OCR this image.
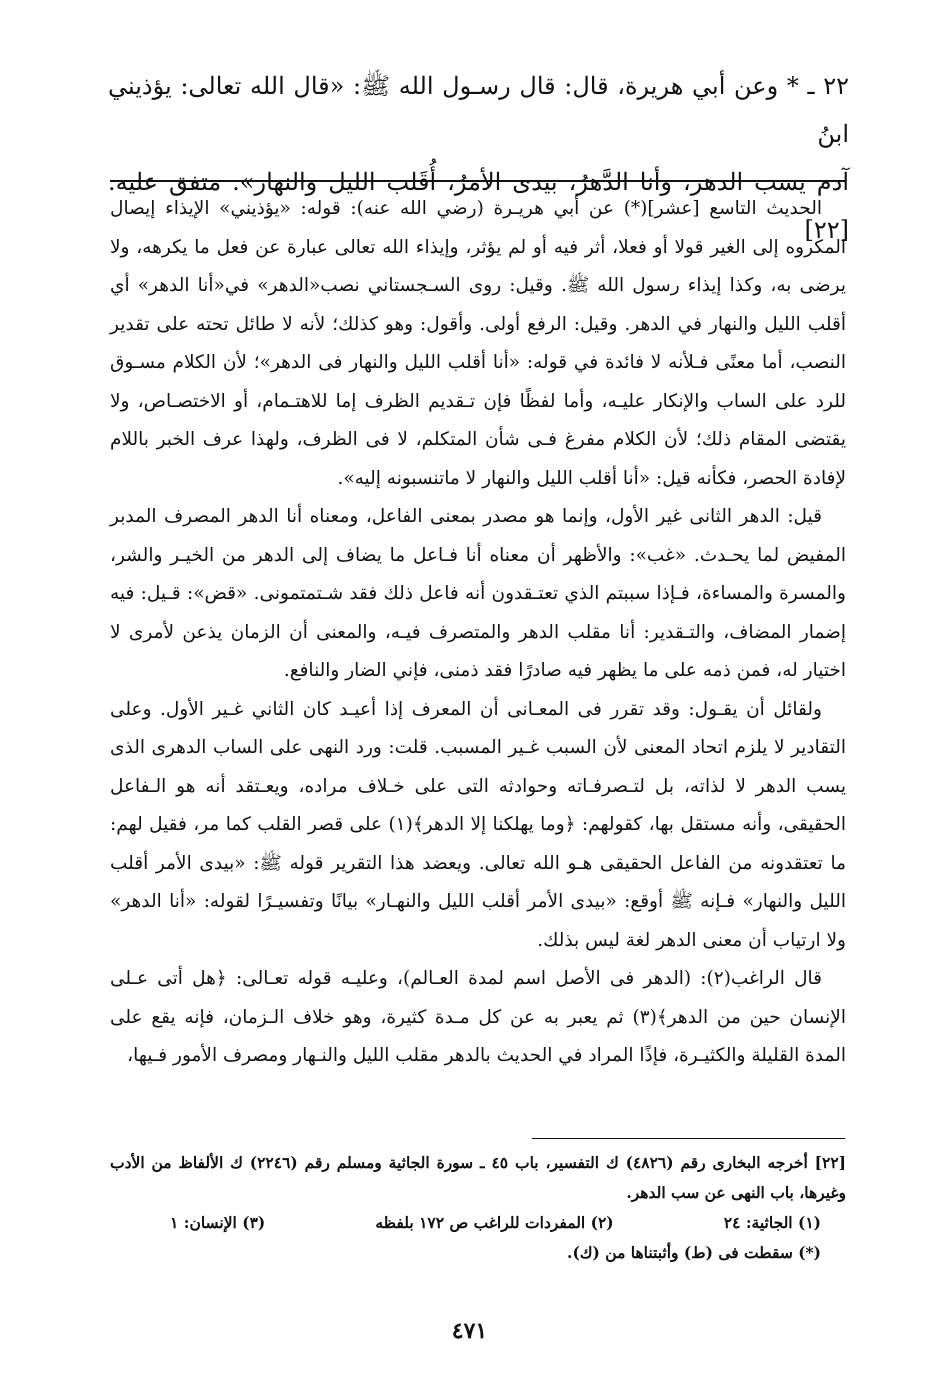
٢٢ ـ * وعن أبي هريرة، قال: قال رسـول الله ﷺ: «قال الله تعالى: يؤذيني ابنُ

آدم يسب الدهر، وأنا الدَّهرُ، بيدى الأمرُ، أُقَلب الليل والنهار». متفق عليه. [٢٢]

الحديث التاسع [عشر](*) عن أبي هريـرة (رضي الله عنه): قوله: «يؤذيني» الإيذاء إيصال المكروه إلى الغير قولا أو فعلا، أثر فيه أو لم يؤثر، وإيذاء الله تعالى عبارة عن فعل ما يكرهه، ولا يرضى به، وكذا إيذاء رسول الله ﷺ. وقيل: روى السـجستاني نصب«الدهر» في«أنا الدهر» أي أقلب الليل والنهار في الدهر. وقيل: الرفع أولى. وأقول: وهو كذلك؛ لأنه لا طائل تحته على تقدير النصب، أما معنًى فـلأنه لا فائدة في قوله: «أنا أقلب الليل والنهار فى الدهر»؛ لأن الكلام مسـوق للرد على الساب والإنكار عليـه، وأما لفظًا فإن تـقديم الظرف إما للاهتـمام، أو الاختصـاص، ولا يقتضى المقام ذلك؛ لأن الكلام مفرغ فـى شأن المتكلم، لا فى الظرف، ولهذا عرف الخبر باللام لإفادة الحصر، فكأنه قيل: «أنا أقلب الليل والنهار لا ماتنسبونه إليه».

قيل: الدهر الثانى غير الأول، وإنما هو مصدر بمعنى الفاعل، ومعناه أنا الدهر المصرف المدبر المفيض لما يحـدث. «غب»: والأظهر أن معناه أنا فـاعل ما يضاف إلى الدهر من الخيـر والشر، والمسرة والمساءة، فـإذا سببتم الذي تعتـقدون أنه فاعل ذلك فقد شـتمتمونى. «قض»: قـيل: فيه إضمار المضاف، والتـقدير: أنا مقلب الدهر والمتصرف فيـه، والمعنى أن الزمان يذعن لأمرى لا اختيار له، فمن ذمه على ما يظهر فيه صادرًا فقد ذمنى، فإني الضار والنافع.

ولقائل أن يقـول: وقد تقرر فى المعـانى أن المعرف إذا أعيـد كان الثاني غـير الأول. وعلى التقادير لا يلزم اتحاد المعنى لأن السبب غـير المسبب. قلت: ورد النهى على الساب الدهرى الذى يسب الدهر لا لذاته، بل لتـصرفـاته وحوادثه التى على خـلاف مراده، ويعـتقد أنه هو الـفاعل الحقيقى، وأنه مستقل بها، كقولهم: ﴿وما يهلكنا إلا الدهر﴾(١) على قصر القلب كما مر، فقيل لهم: ما تعتقدونه من الفاعل الحقيقى هـو الله تعالى. ويعضد هذا التقرير قوله ﷺ: «بيدى الأمر أقلب الليل والنهار» فـإنه ﷺ أوقع: «بيدى الأمر أقلب الليل والنهـار» بيانًا وتفسيـرًا لقوله: «أنا الدهر» ولا ارتياب أن معنى الدهر لغة ليس بذلك.

قال الراغب(٢): (الدهر فى الأصل اسم لمدة العـالم)، وعليـه قوله تعـالى: ﴿هل أتى عـلى الإنسان حين من الدهر﴾(٣) ثم يعبر به عن كل مـدة كثيرة، وهو خلاف الـزمان، فإنه يقع على المدة القليلة والكثيـرة، فإذًا المراد في الحديث بالدهر مقلب الليل والنـهار ومصرف الأمور فـيها،

[٢٢] أخرجه البخارى رقم (٤٨٢٦) ك التفسير، باب ٤٥ ـ سورة الجاثية ومسلم رقم (٢٢٤٦) ك الألفاظ من الأدب وغيرها، باب النهى عن سب الدهر.

(١) الجاثية: ٢٤
(٢) المفردات للراغب ص ١٧٢ بلفظه
(٣) الإنسان: ١

(*) سقطت فى (ط) وأثبتناها من (ك).

٤٧١
